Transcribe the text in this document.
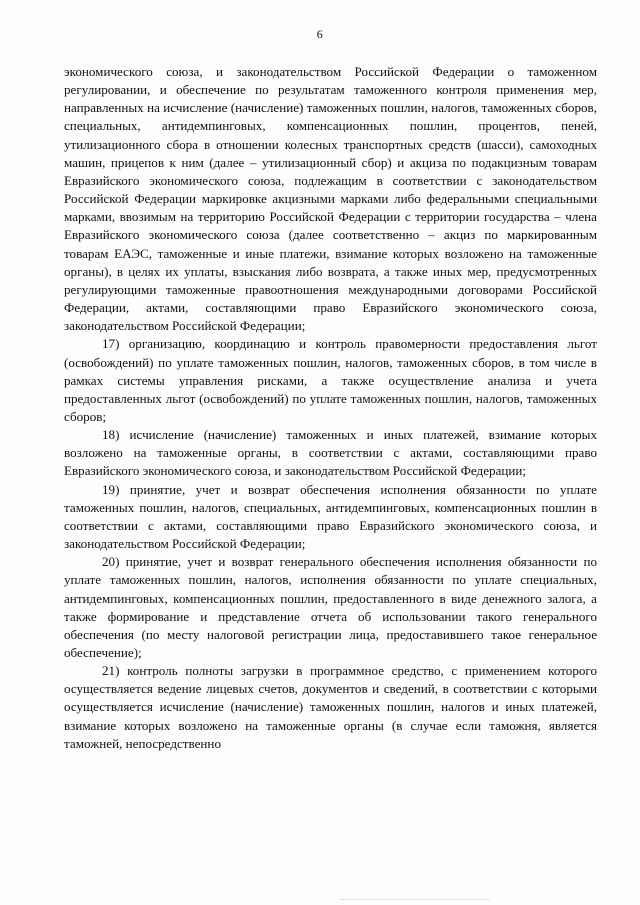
6

экономического союза, и законодательством Российской Федерации о таможенном регулировании, и обеспечение по результатам таможенного контроля применения мер, направленных на исчисление (начисление) таможенных пошлин, налогов, таможенных сборов, специальных, антидемпинговых, компенсационных пошлин, процентов, пеней, утилизационного сбора в отношении колесных транспортных средств (шасси), самоходных машин, прицепов к ним (далее – утилизационный сбор) и акциза по подакцизным товарам Евразийского экономического союза, подлежащим в соответствии с законодательством Российской Федерации маркировке акцизными марками либо федеральными специальными марками, ввозимым на территорию Российской Федерации с территории государства – члена Евразийского экономического союза (далее соответственно – акциз по маркированным товарам ЕАЭС, таможенные и иные платежи, взимание которых возложено на таможенные органы), в целях их уплаты, взыскания либо возврата, а также иных мер, предусмотренных регулирующими таможенные правоотношения международными договорами Российской Федерации, актами, составляющими право Евразийского экономического союза, законодательством Российской Федерации;

17) организацию, координацию и контроль правомерности предоставления льгот (освобождений) по уплате таможенных пошлин, налогов, таможенных сборов, в том числе в рамках системы управления рисками, а также осуществление анализа и учета предоставленных льгот (освобождений) по уплате таможенных пошлин, налогов, таможенных сборов;

18) исчисление (начисление) таможенных и иных платежей, взимание которых возложено на таможенные органы, в соответствии с актами, составляющими право Евразийского экономического союза, и законодательством Российской Федерации;

19) принятие, учет и возврат обеспечения исполнения обязанности по уплате таможенных пошлин, налогов, специальных, антидемпинговых, компенсационных пошлин в соответствии с актами, составляющими право Евразийского экономического союза, и законодательством Российской Федерации;

20) принятие, учет и возврат генерального обеспечения исполнения обязанности по уплате таможенных пошлин, налогов, исполнения обязанности по уплате специальных, антидемпинговых, компенсационных пошлин, предоставленного в виде денежного залога, а также формирование и представление отчета об использовании такого генерального обеспечения (по месту налоговой регистрации лица, предоставившего такое генеральное обеспечение);

21) контроль полноты загрузки в программное средство, с применением которого осуществляется ведение лицевых счетов, документов и сведений, в соответствии с которыми осуществляется исчисление (начисление) таможенных пошлин, налогов и иных платежей, взимание которых возложено на таможенные органы (в случае если таможня, является таможней, непосредственно
